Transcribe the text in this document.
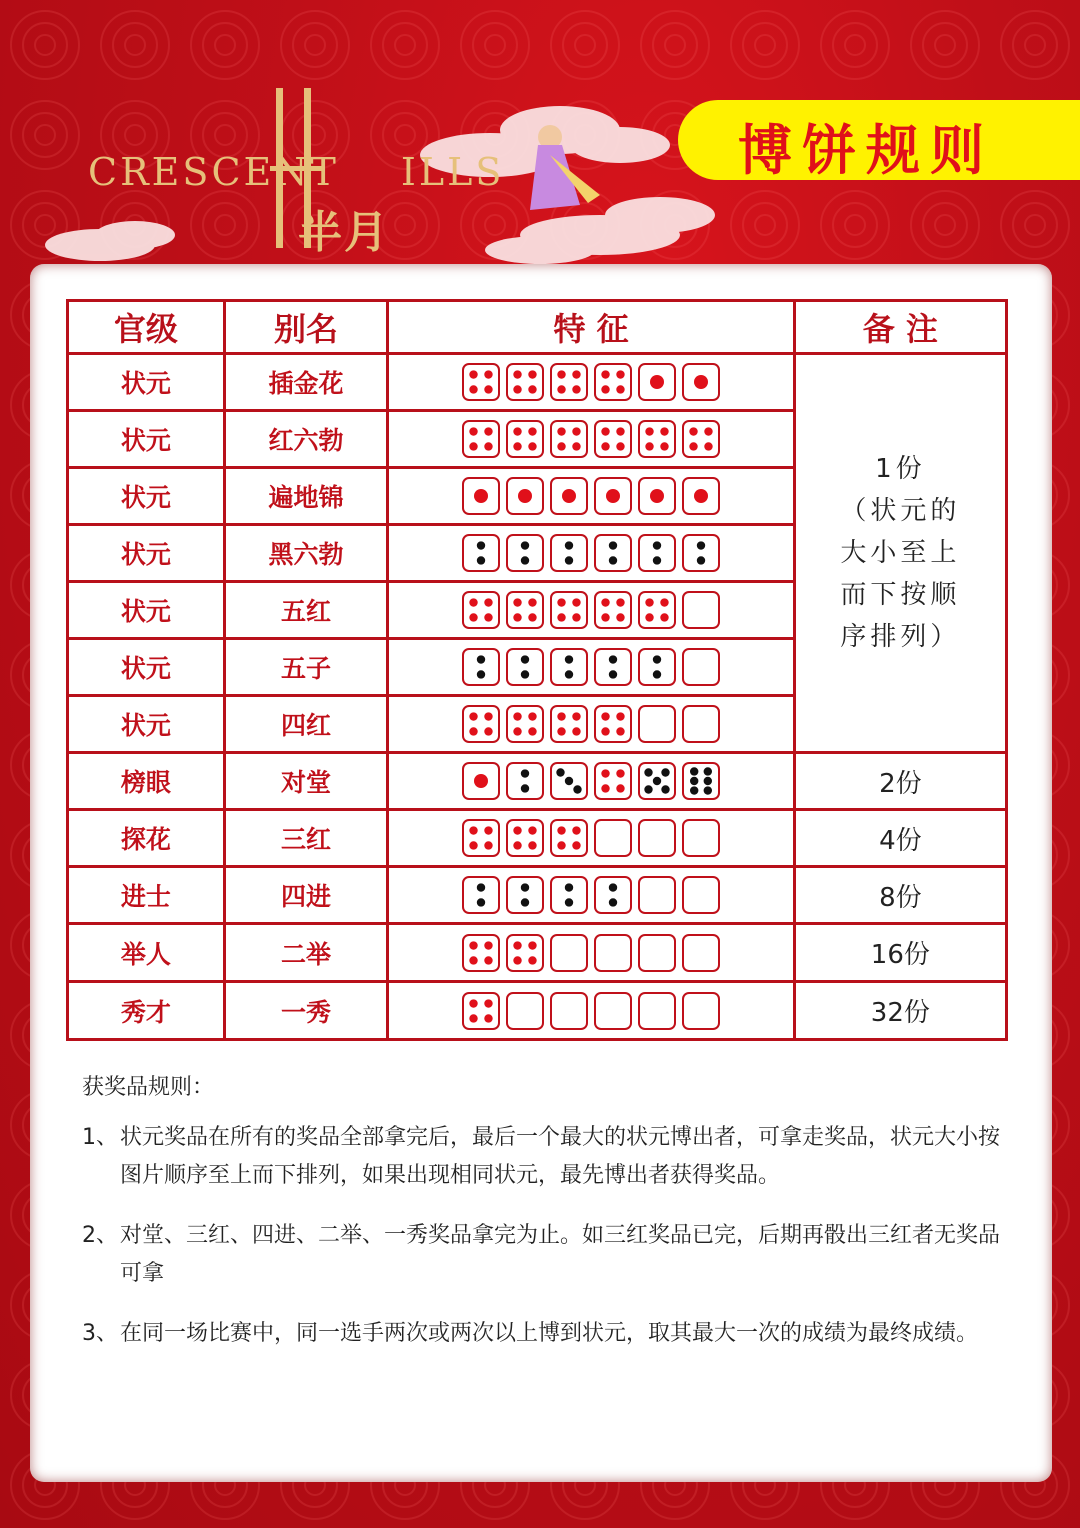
CRESCENT ILLS
半月
博饼规则
官级	别名	特 征	备 注
状元	插金花		1份
（状元的
大小至上
而下按顺
序排列）

状元	红六勃	

状元	遍地锦	

状元	黑六勃	

状元	五红	

状元	五子	

状元	四红	

榜眼	对堂		2份
探花	三红		4份
进士	四进		8份
举人	二举		16份
秀才	一秀		32份
获奖品规则：
1、 状元奖品在所有的奖品全部拿完后，最后一个最大的状元博出者，可拿走奖品，状元大小按图片顺序至上而下排列，如果出现相同状元，最先博出者获得奖品。
2、 对堂、三红、四进、二举、一秀奖品拿完为止。如三红奖品已完，后期再骰出三红者无奖品可拿
3、 在同一场比赛中，同一选手两次或两次以上博到状元，取其最大一次的成绩为最终成绩。
